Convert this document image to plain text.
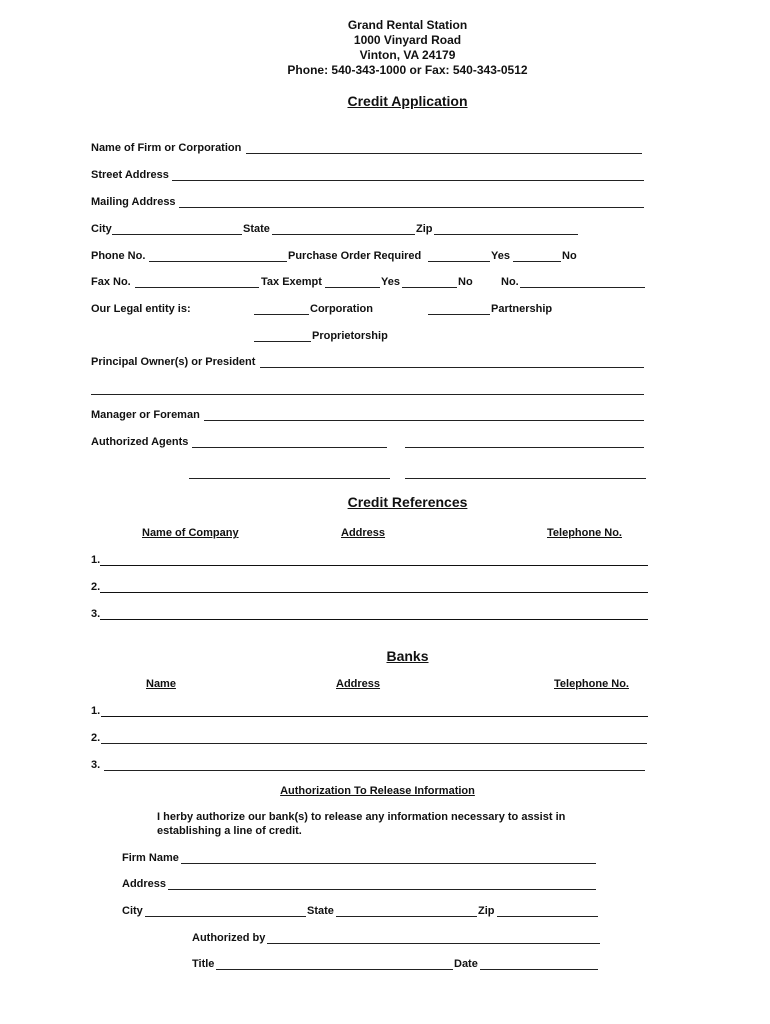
Grand Rental Station
1000 Vinyard Road
Vinton, VA 24179
Phone: 540-343-1000 or Fax: 540-343-0512
Credit Application
Name of Firm or Corporation
Street Address
Mailing Address
City	State	Zip
Phone No.	Purchase Order Required	Yes	No
Fax No.	Tax Exempt	Yes	No	No.
Our Legal entity is:	Corporation	Partnership
Proprietorship
Principal Owner(s) or President
Manager or Foreman
Authorized Agents
Credit References
Name of Company	Address	Telephone No.
1.
2.
3.
Banks
Name	Address	Telephone No.
1.
2.
3.
Authorization To Release Information
I herby authorize our bank(s) to release any information necessary to assist in
establishing a line of credit.
Firm Name
Address
City	State	Zip
Authorized by
Title	Date
